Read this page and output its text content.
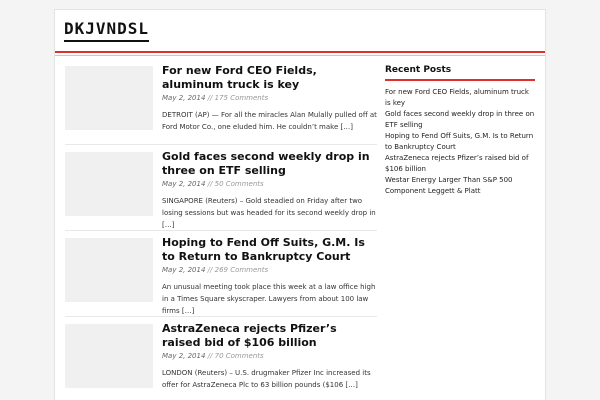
DKJVNDSL
For new Ford CEO Fields, aluminum truck is key
May 2, 2014 // 175 Comments

DETROIT (AP) — For all the miracles Alan Mulally pulled off at Ford Motor Co., one eluded him. He couldn’t make […]

Gold faces second weekly drop in three on ETF selling
May 2, 2014 // 50 Comments

SINGAPORE (Reuters) – Gold steadied on Friday after two losing sessions but was headed for its second weekly drop in […]

Hoping to Fend Off Suits, G.M. Is to Return to Bankruptcy Court
May 2, 2014 // 269 Comments

An unusual meeting took place this week at a law office high in a Times Square skyscraper. Lawyers from about 100 law firms […]

AstraZeneca rejects Pfizer’s raised bid of $106 billion
May 2, 2014 // 70 Comments

LONDON (Reuters) – U.S. drugmaker Pfizer Inc increased its offer for AstraZeneca Plc to 63 billion pounds ($106 […]

Recent Posts
For new Ford CEO Fields, aluminum truck is key
Gold faces second weekly drop in three on ETF selling
Hoping to Fend Off Suits, G.M. Is to Return to Bankruptcy Court
AstraZeneca rejects Pfizer’s raised bid of $106 billion
Westar Energy Larger Than S&P 500 Component Leggett & Platt
